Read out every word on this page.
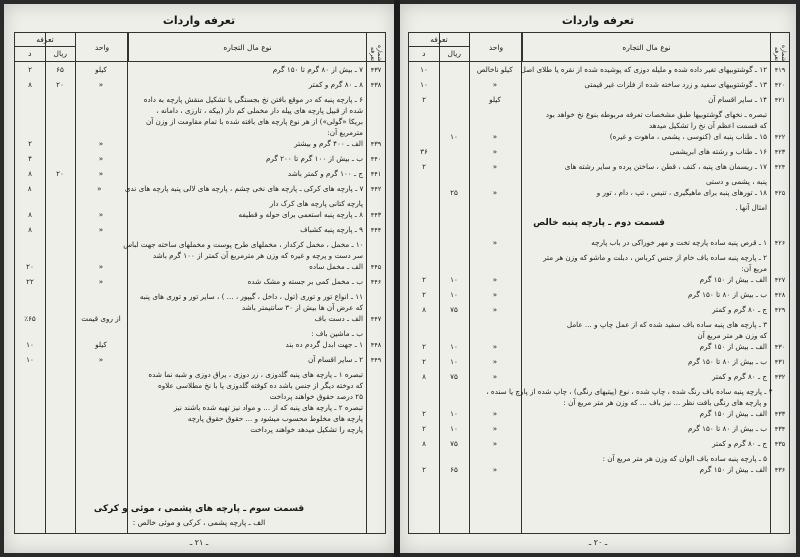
تعرفه واردات
شماره تعرفه
نوع مال التجاره
واحد
تعرفه
ريال
د
۴۳۷
۷ ـ بیش از ۸۰ گرم تا ۱۵۰ گرم
کیلو
۶۵
۲
۴۳۸
۸ ـ ۸۰ گرم و کمتر
«
۲۰
۸
۶ ـ پارچه پنبه که در موقع بافتن نخ بجستگی یا تشکیل منقش پارچه به داده
شده از قبیل پارچه های پیله دار مخملی کم دار (بیکه ، تارزی ، دامانه ،
بریکا «گولی») از هر نوع پارچه های بافته شده با تمام مقاومت از وزن آن
مترمربع آن:
۴۳۹
الف ـ ۴۰۰ گرم و بیشتر
«
۲
۴۴۰
ب ـ بیش از ۱۰۰ گرم تا ۲۰۰ گرم
«
۴
۴۴۱
ج ـ ۱۰۰ گرم و کمتر باشد
«
۲۰
۸
۴۴۲
۷ ـ پارچه های کرکی ـ پارچه های نخی چشم ، پارچه های لالی پنبه پارچه های ندی
«
۸
پارچه کتانی پارچه های کرک دار
۴۴۳
۸ ـ پارچه پنبه استعمی برای حوله و قطیفه
«
۸
۴۴۴
۹ ـ پارچه پنبه کشباف
«
۸
۱۰ ـ مخمل ، مخمل کرکدار ، مخملهای طرح پوست و مخملهای ساخته جهت لباس
سر دست و پرچه و غیره که وزن هر مترمربع آن کمتر از ۱۰۰ گرم باشد
۴۴۵
الف ـ مخمل ساده
«
۲۰
۴۴۶
ب ـ مخمل کمی بر جسته و مشک شده
«
۲۲
۱۱ ـ انواع تور و توری (تول ، داخل ، گیپور ، ... ) ، سایر تور و توری های پنبه
که عرض آن ها بیش از ۳۰ سانتیمتر باشد
۴۴۷
الف ـ دست باف
از روی قیمت
٪۶۵
ب ـ ماشین باف :
۴۴۸
۱ ـ جهت ابدل گردم ده بند
کیلو
۱۰
۴۴۹
۲ ـ سایر اقسام آن
«
۱۰
تبصره ۱ ـ پارچه های پنبه گلدوزی ، زر دوزی ، یراق دوزی و شبه نما شده
که دوخته دیگر از جنس باشد ده کوفته گلدوزی یا با نخ مطلاسی علاوه
۲۵ درصد حقوق خواهند پرداخت
تبصره ۲ ـ پارچه های پنبه که از ... و مواد نیز تهیه شده باشند نیز
پارچه های مخلوط محسوب میشود و ... حقوق حقوق پارچه
پارچه را تشکیل میدهد خواهند پرداخت
قسمت سوم ـ پارچه های پشمی ، موئی و کرکی
الف ـ پارچه پشمی ، کرکی و موئی خالص :
ـ ۲۱ ـ
تعرفه واردات
شماره تعرفه
نوع مال التجاره
واحد
تعرفه
ريال
د
۴۱۹
۱۲ ـ گوشتوبیهای تغیر داده شده و ملیله دوزی که پوشیده شده از نقره یا طلای اصل
کیلو ناخالص
۱۰
۴۲۰
۱۳ ـ گوشتوبیهای سفید و زرد ساخته شده از فلزات غیر قیمتی
«
۱۰
۴۲۱
۱۴ ـ سایر اقسام آن
کیلو
۲
تبصره ـ نخهای گوشتوبیها طبق مشخصات تعرفه مربوطه بنوع نخ خواهد بود
که قسمت اعظم آن نخ را تشکیل میدهد
۴۲۲
۱۵ ـ طناب پنبه ای (کنوسی ، پشمی ، ماهوت و غیره)
«
۱۰
۴۲۳
۱۶ ـ طناب و رشته های ابریشمی
«
۳۶
۴۲۴
۱۷ ـ ریسمان های پنبه ، کنف ، قطن ، ساختن پرده و سایر رشته های
«
۲
پنبه ، پشمی و دستی
۴۲۵
۱۸ ـ تورهای پنبه برای ماهیگیری ، تنیس ، تپ ، دام ، تور و
«
۲۵
امثال آنها .
قسمت دوم ـ پارچه پنبه خالص
۴۲۶
۱ ـ قرص پنبه ساده پارچه تخت و مهر خوراکی در باب پارچه
«
۲ ـ پارچه پنبه ساده باف خام از جنس کرباس ، دبلت و ماشو که وزن هر متر
مربع آن:
۴۲۷
الف ـ بیش از ۱۵۰ گرم
«
۱۰
۲
۴۲۸
ب ـ بیش از ۸۰ تا ۱۵۰ گرم
«
۱۰
۲
۴۲۹
ج ـ ۸۰ گرم و کمتر
«
۷۵
۸
۳ ـ پارچه های پنبه ساده باف سفید شده که از عمل چاپ و ... عامل
که وزن هر متر مربع آن
۴۳۰
الف ـ بیش از ۱۵۰ گرم
«
۱۰
۲
۴۳۱
ب ـ بیش از ۸۰ تا ۱۵۰ گرم
«
۱۰
۲
۴۳۲
ج ـ ۸۰ گرم و کمتر
«
۷۵
۸
۴ ـ پارچه پنبه ساده باف رنگ شده ، چاپ شده ، نوع (پیتیهای رنگی) ، چاپ شده از پارچ یا سنده ،
و پارچه های رنگی بافت نظر ... نیز باف ... که وزن هر متر مربع آن :
۴۳۳
الف ـ بیش از ۱۵۰ گرم
«
۱۰
۲
۴۳۴
ب ـ بیش از ۸۰ تا ۱۵۰ گرم
«
۱۰
۲
۴۳۵
ج ـ ۸۰ گرم و کمتر
«
۷۵
۸
۵ ـ پارچه پنبه ساده باف الوان که وزن هر متر مربع آن :
۴۳۶
الف ـ بیش از ۱۵۰ گرم
«
۶۵
۲
ـ ۲۰ ـ
